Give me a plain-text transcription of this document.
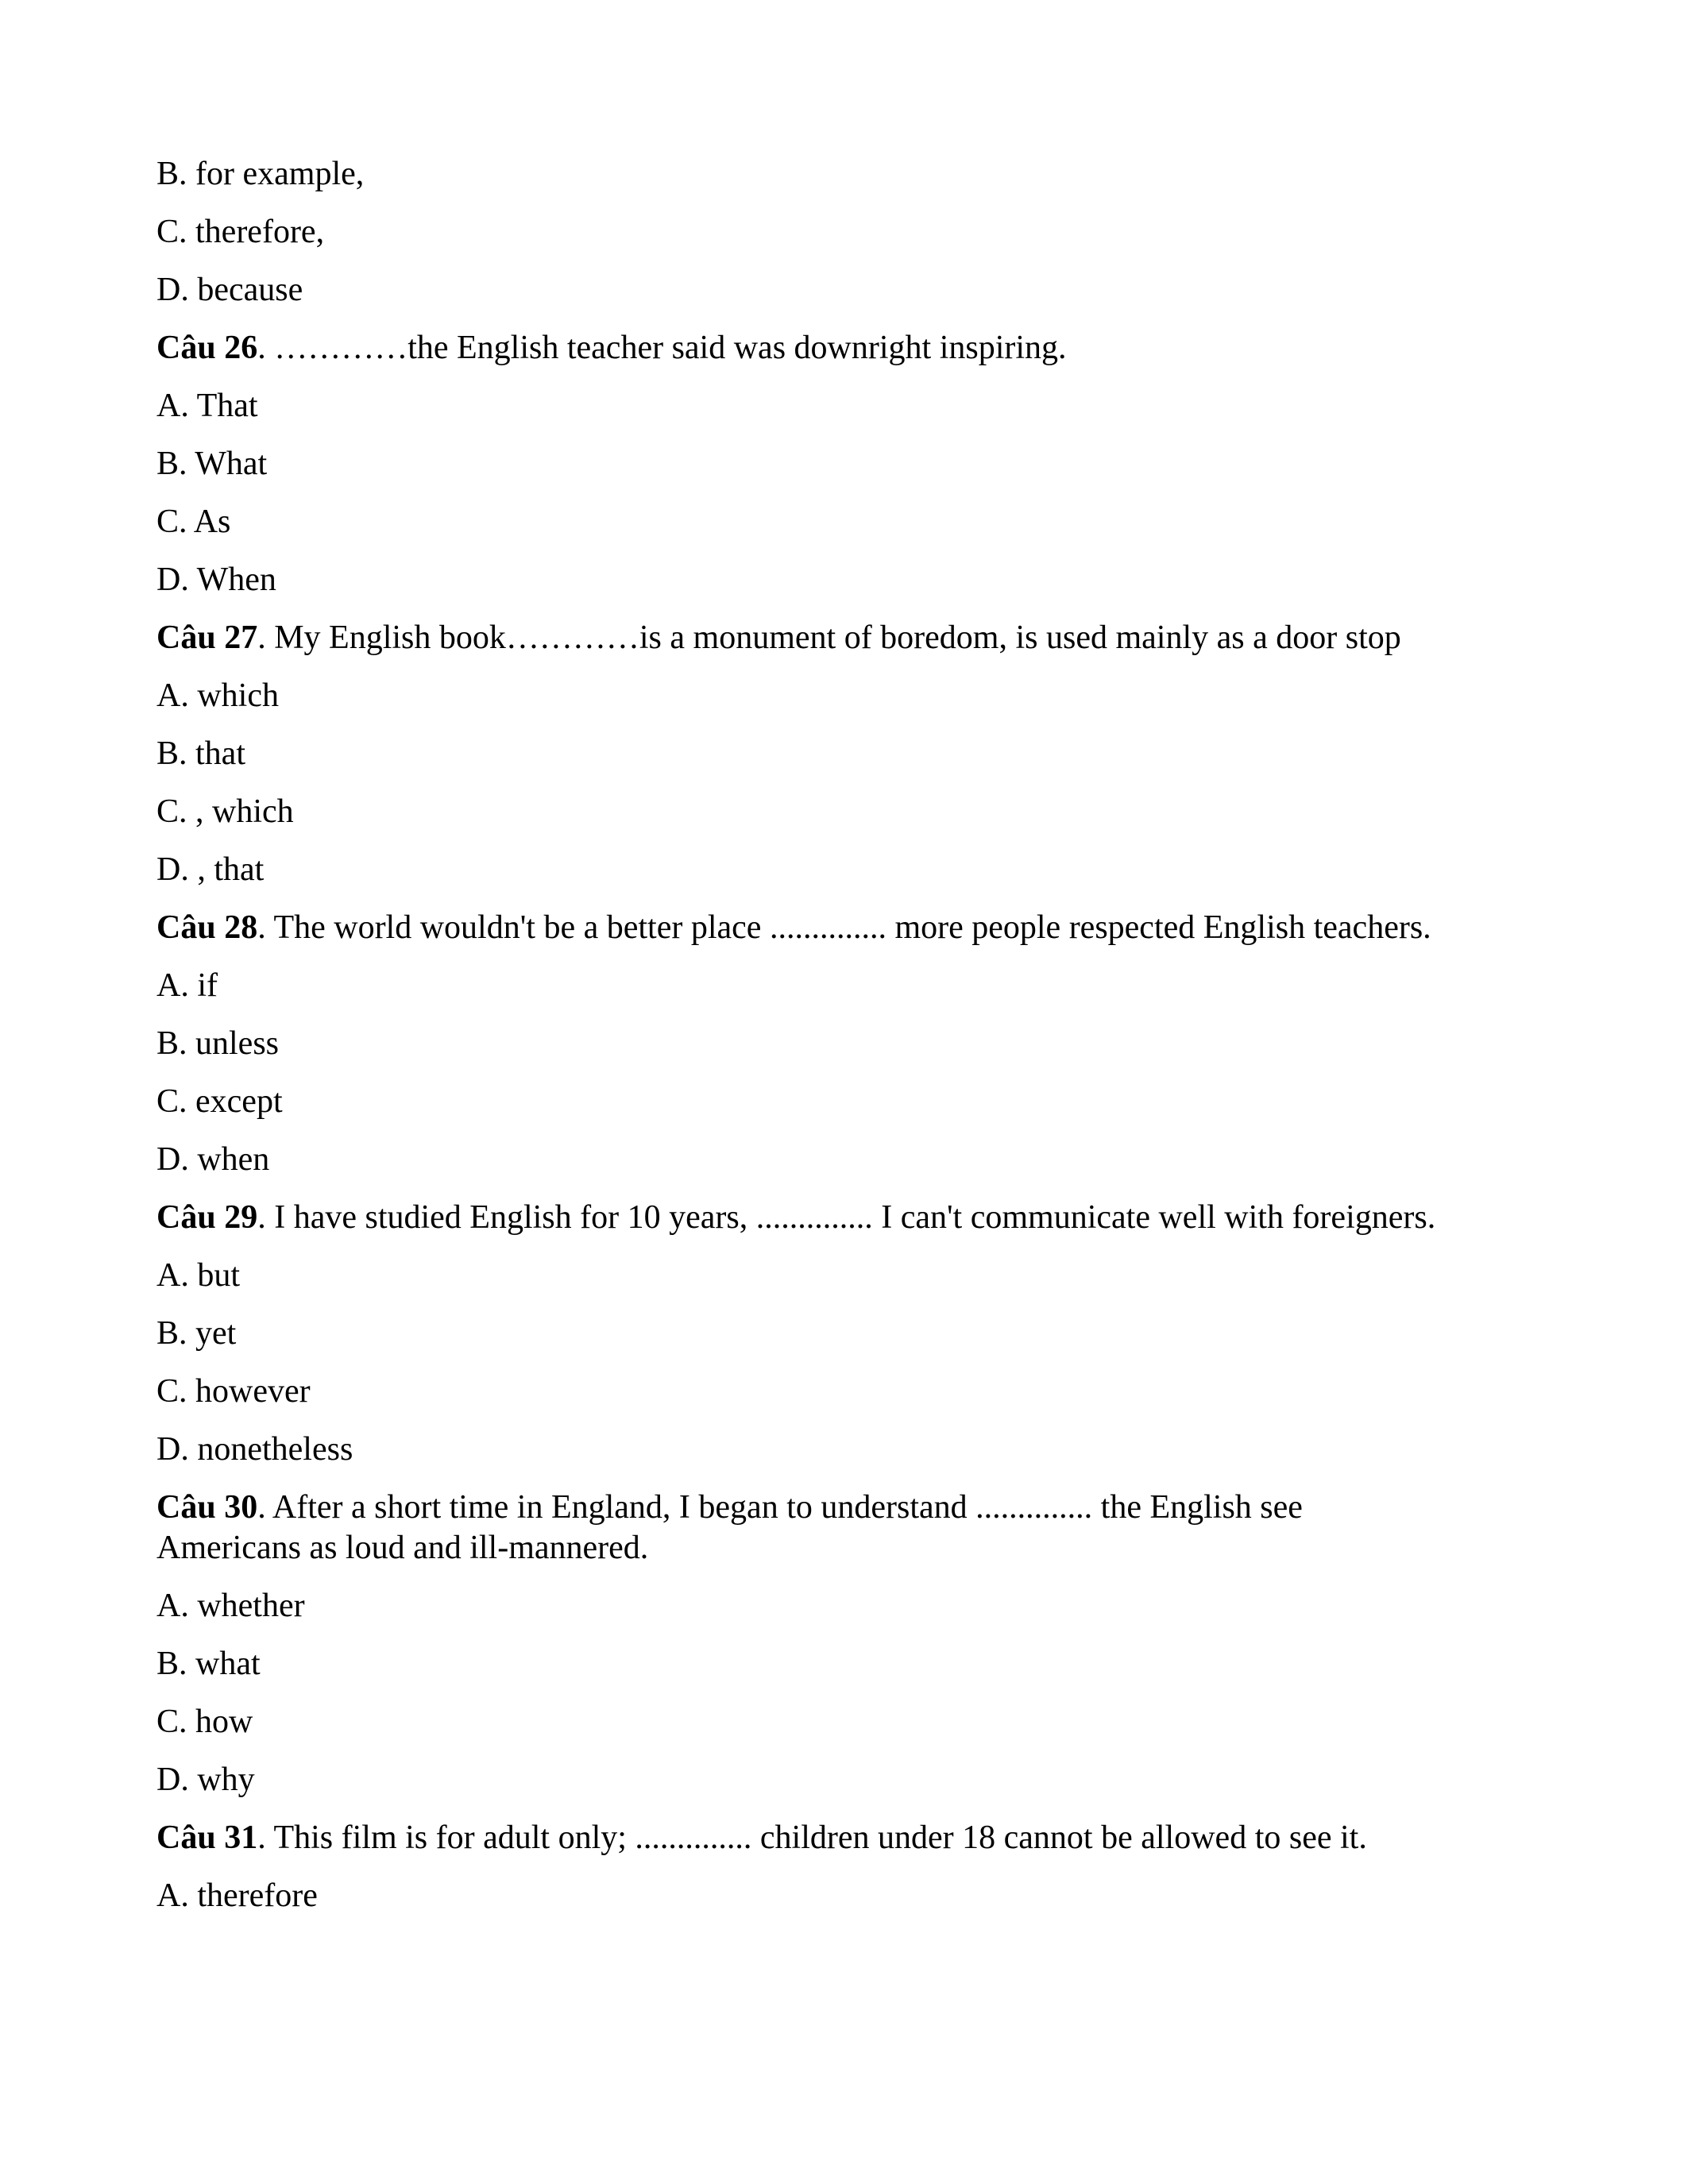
B. for example,
C. therefore,
D. because
Câu 26. …………the English teacher said was downright inspiring.
A. That
B. What
C. As
D. When
Câu 27. My English book…………is a monument of boredom, is used mainly as a door stop
A. which
B. that
C. , which
D. , that
Câu 28. The world wouldn't be a better place .............. more people respected English teachers.
A. if
B. unless
C. except
D. when
Câu 29. I have studied English for 10 years, .............. I can't communicate well with foreigners.
A. but
B. yet
C. however
D. nonetheless
Câu 30. After a short time in England, I began to understand .............. the English see Americans as loud and ill-mannered.
A. whether
B. what
C. how
D. why
Câu 31. This film is for adult only; .............. children under 18 cannot be allowed to see it.
A. therefore
